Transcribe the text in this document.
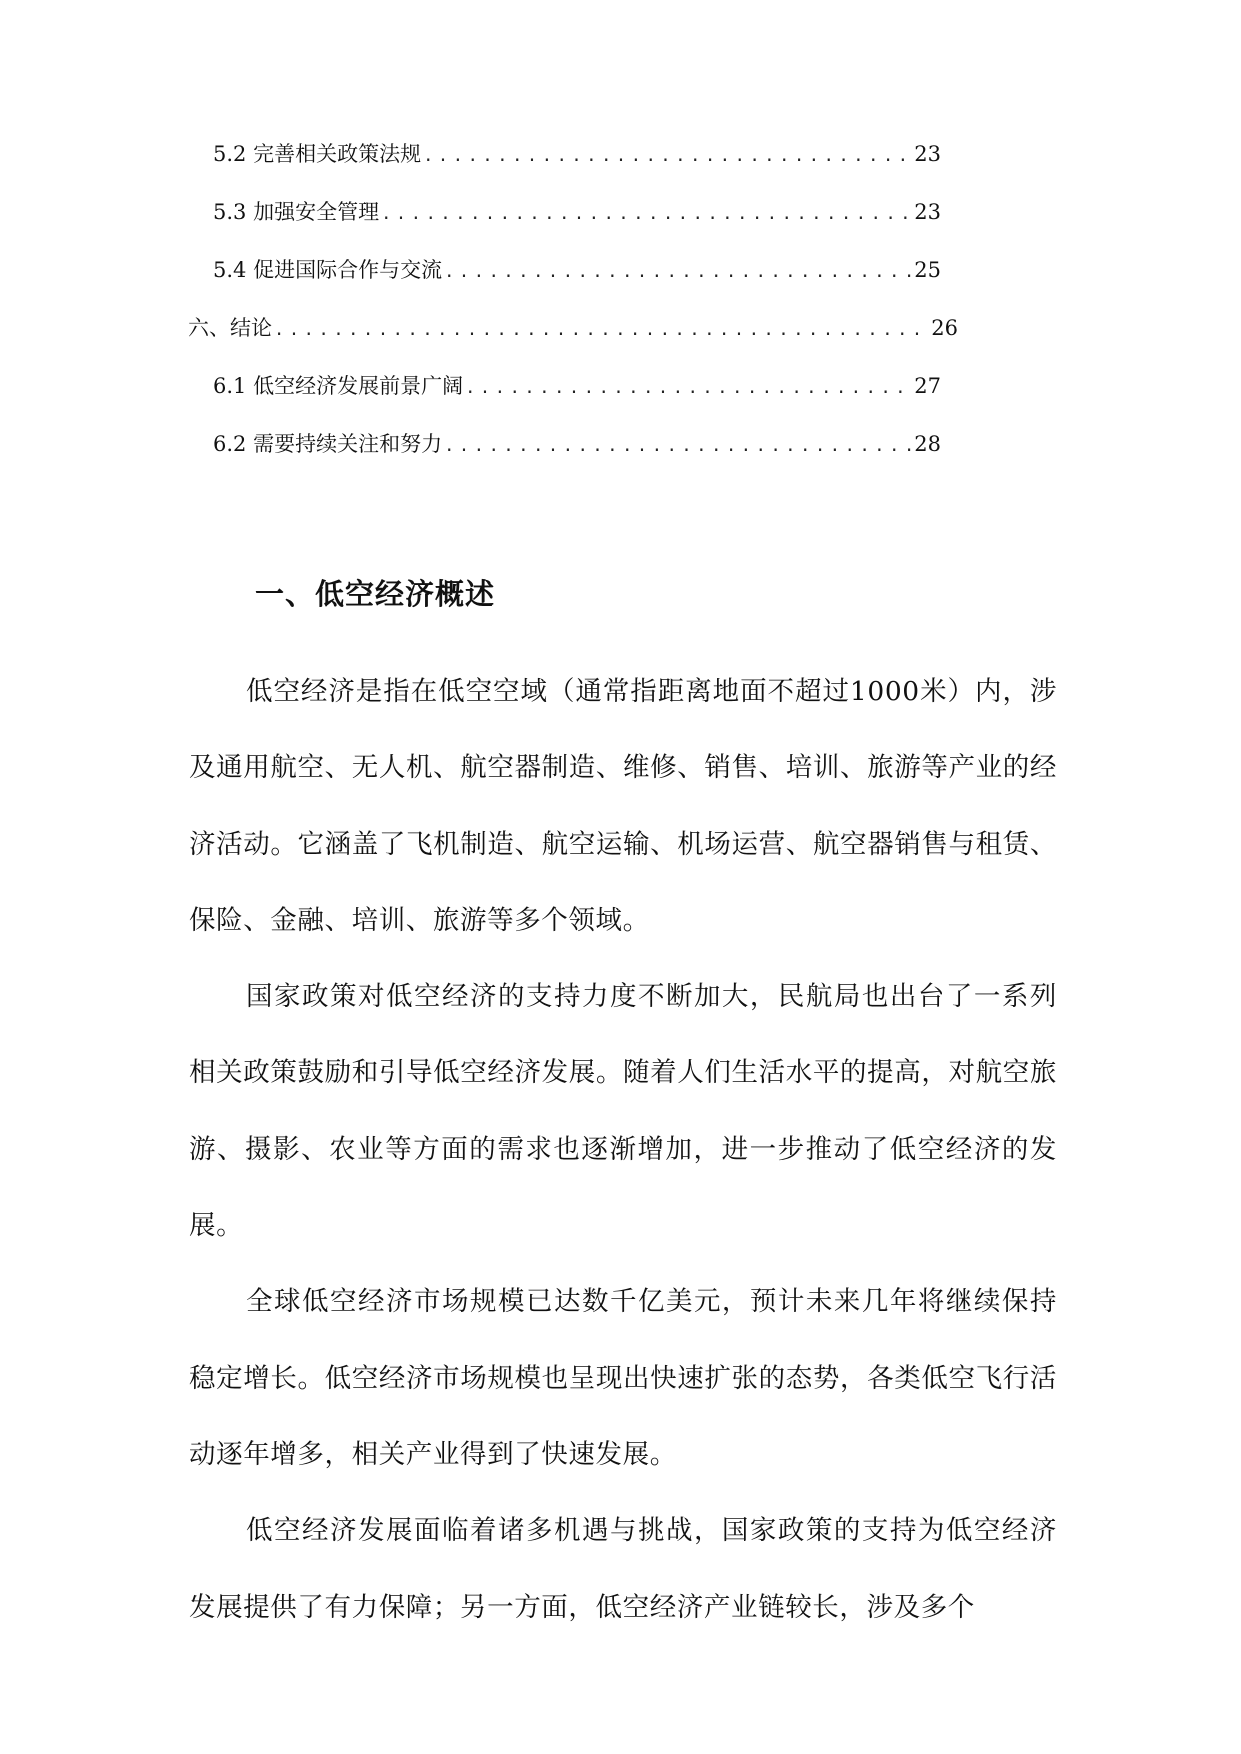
5.2 完善相关政策法规 .....	23
5.3 加强安全管理 .....	23
5.4 促进国际合作与交流 .....	25
六、结论 .....	26
6.1 低空经济发展前景广阔 .....	27
6.2 需要持续关注和努力 .....	28
一、低空经济概述

低空经济是指在低空空域（通常指距离地面不超过1000米）内，涉及通用航空、无人机、航空器制造、维修、销售、培训、旅游等产业的经济活动。它涵盖了飞机制造、航空运输、机场运营、航空器销售与租赁、保险、金融、培训、旅游等多个领域。

国家政策对低空经济的支持力度不断加大，民航局也出台了一系列相关政策鼓励和引导低空经济发展。随着人们生活水平的提高，对航空旅游、摄影、农业等方面的需求也逐渐增加，进一步推动了低空经济的发展。

全球低空经济市场规模已达数千亿美元，预计未来几年将继续保持稳定增长。低空经济市场规模也呈现出快速扩张的态势，各类低空飞行活动逐年增多，相关产业得到了快速发展。

低空经济发展面临着诸多机遇与挑战，国家政策的支持为低空经济发展提供了有力保障；另一方面，低空经济产业链较长，涉及多个
